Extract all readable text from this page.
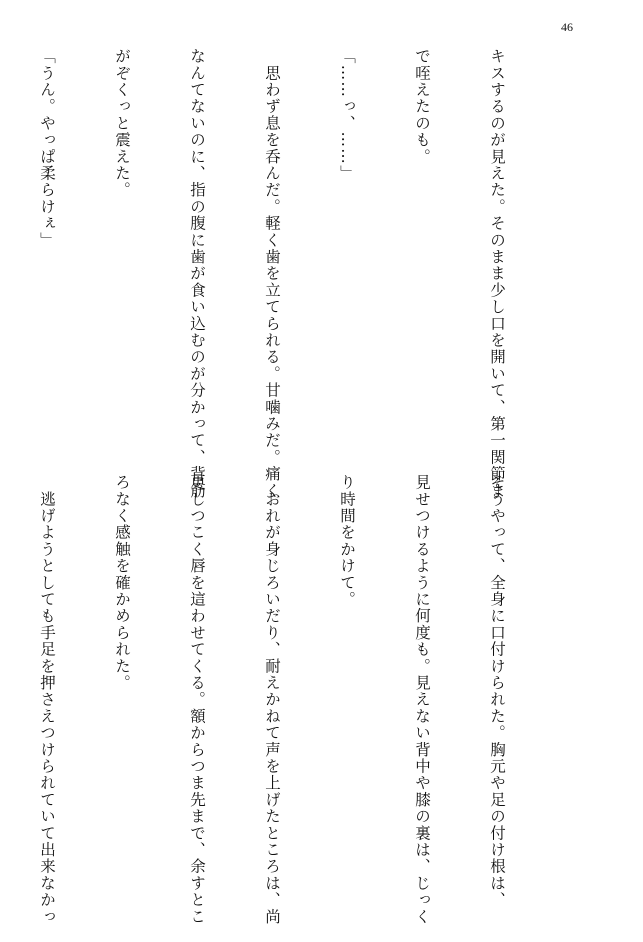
46

キスするのが見えた。そのまま少し口を開いて、第一関節ま

で咥えたのも。

「……っ、……」

　思わず息を呑んだ。軽く歯を立てられる。甘噛みだ。痛く

なんてないのに、指の腹に歯が食い込むのが分かって、背筋

がぞくっと震えた。

「うん。やっぱ柔らけぇ」

そうやって、全身に口付けられた。胸元や足の付け根は、

見せつけるように何度も。見えない背中や膝の裏は、じっく

り時間をかけて。

　おれが身じろいだり、耐えかねて声を上げたところは、尚

更しつこく唇を這わせてくる。額からつま先まで、余すとこ

ろなく感触を確かめられた。

　逃げようとしても手足を押さえつけられていて出来なかっ
